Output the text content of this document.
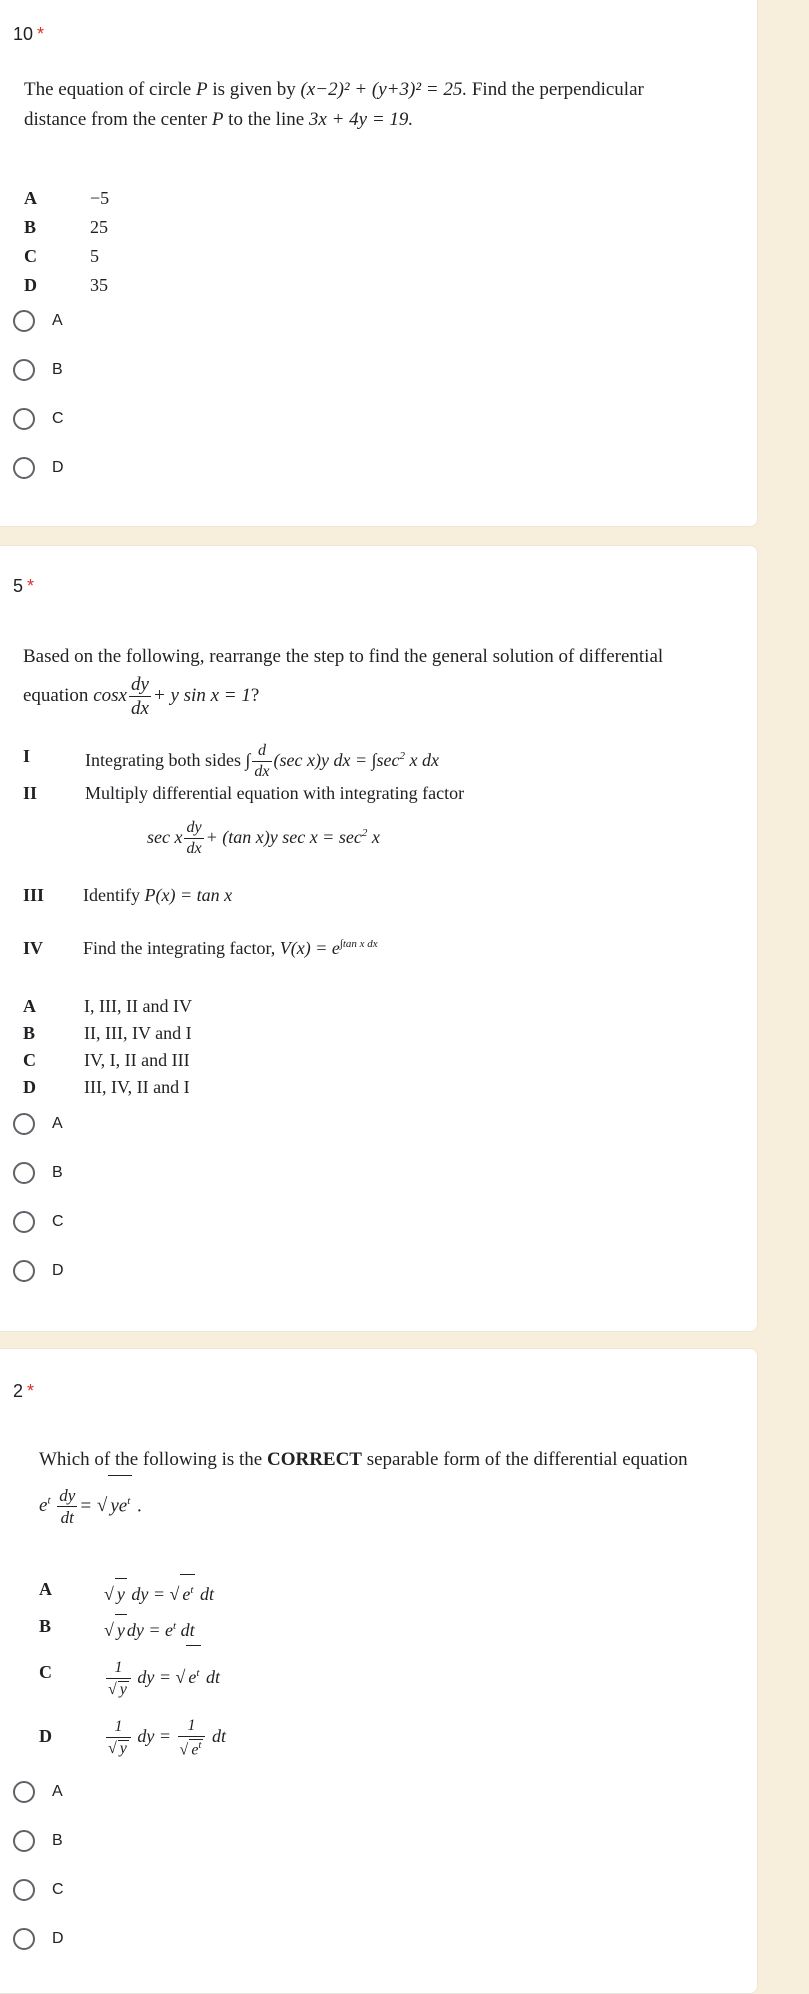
10 *
The equation of circle P is given by (x−2)² + (y+3)² = 25. Find the perpendicular
distance from the center P to the line 3x + 4y = 19.
A	−5
B	25
C	5
D	35
A
B
C
D
5 *
Based on the following, rearrange the step to find the general solution of differential
equation cosx $\frac{dy}{dx} + y$ sin x = 1?
I	Integrating both sides ∫ $\frac{d}{dx} (\sec$ x)y dx = $\int\sec^2$ x dx
II	Multiply differential equation with integrating factor
sec x $\frac{dy}{dx} + (\tan$ x)y $\sec x = \sec^2 x$
III Identify P(x) = tan x
IV Find the integrating factor, $V(x) = e^{\int tan x dx}$
A	I, III, II and IV
B	II, III, IV and I
C	IV, I, II and III
D	III, IV, II and I
A
B
C
D
2 *
Which of the following is the CORRECT separable form of the differential equation
$e^t \frac{dy}{dt}$ = √ $ye^t$ .
A	√ y dy = √ $e^t$ dt
B	√ y dy = $e^t$ dt
C	$\frac{1}{√ y}$ dy = √ $e^t$ dt
D	$\frac{1}{√ y}$ dy = $\frac{1}{√ e^t}$ dt
A
B
C
D
